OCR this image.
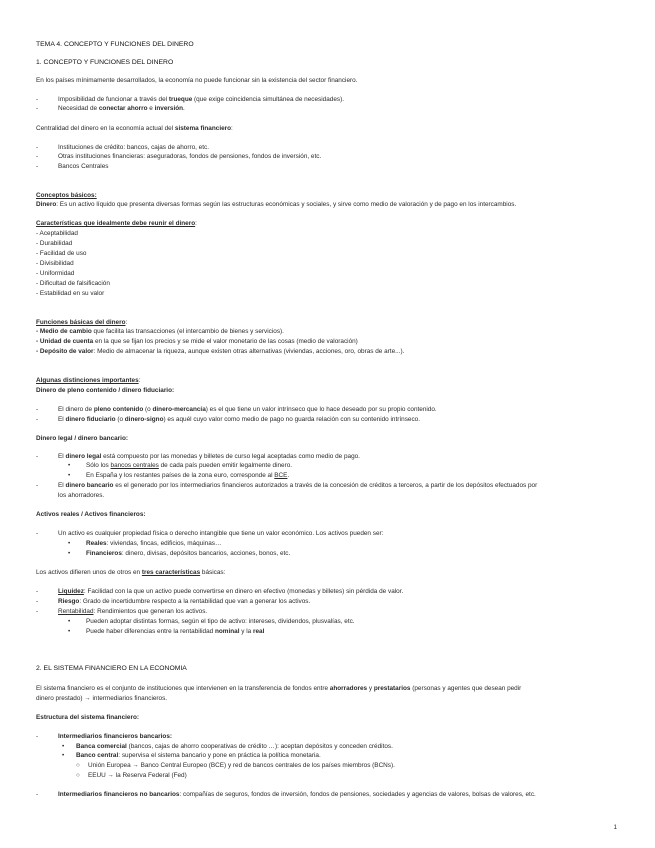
TEMA 4. CONCEPTO Y FUNCIONES DEL DINERO
1. CONCEPTO Y FUNCIONES DEL DINERO
En los países mínimamente desarrollados, la economía no puede funcionar sin la existencia del sector financiero.
-	Imposibilidad de funcionar a través del trueque (que exige coincidencia simultánea de necesidades).
-	Necesidad de conectar ahorro e inversión.
Centralidad del dinero en la economía actual del sistema financiero:
-	Instituciones de crédito: bancos, cajas de ahorro, etc.
-	Otras instituciones financieras: aseguradoras, fondos de pensiones, fondos de inversión, etc.
-	Bancos Centrales
Conceptos básicos:
Dinero: Es un activo líquido que presenta diversas formas según las estructuras económicas y sociales, y sirve como medio de valoración y de pago en los intercambios.
Características que idealmente debe reunir el dinero:
- Aceptabilidad
- Durabilidad
- Facilidad de uso
- Divisibilidad
- Uniformidad
- Dificultad de falsificación
- Estabilidad en su valor
Funciones básicas del dinero:
- Medio de cambio que facilita las transacciones (el intercambio de bienes y servicios).
- Unidad de cuenta en la que se fijan los precios y se mide el valor monetario de las cosas (medio de valoración)
- Depósito de valor: Medio de almacenar la riqueza, aunque existen otras alternativas (viviendas, acciones, oro, obras de arte...).
Algunas distinciones importantes:
Dinero de pleno contenido / dinero fiduciario:
-	El dinero de pleno contenido (o dinero-mercancía) es el que tiene un valor intrínseco que lo hace deseado por su propio contenido.
-	El dinero fiduciario (o dinero-signo) es aquél cuyo valor como medio de pago no guarda relación con su contenido intrínseco.
Dinero legal / dinero bancario:
-	El dinero legal está compuesto por las monedas y billetes de curso legal aceptadas como medio de pago.
• Sólo los bancos centrales de cada país pueden emitir legalmente dinero.
• En España y los restantes países de la zona euro, corresponde al BCE.
-	El dinero bancario es el generado por los intermediarios financieros autorizados a través de la concesión de créditos a terceros, a partir de los depósitos efectuados por
los ahorradores.
Activos reales / Activos financieros:
-	Un activo es cualquier propiedad física o derecho intangible que tiene un valor económico. Los activos pueden ser:
• Reales: viviendas, fincas, edificios, máquinas…
• Financieros: dinero, divisas, depósitos bancarios, acciones, bonos, etc.
Los activos difieren unos de otros en tres características básicas:
-	Liquidez: Facilidad con la que un activo puede convertirse en dinero en efectivo (monedas y billetes) sin pérdida de valor.
-	Riesgo: Grado de incertidumbre respecto a la rentabilidad que van a generar los activos.
-	Rentabilidad: Rendimientos que generan los activos.
• Pueden adoptar distintas formas, según el tipo de activo: intereses, dividendos, plusvalías, etc.
• Puede haber diferencias entre la rentabilidad nominal y la real
2. EL SISTEMA FINANCIERO EN LA ECONOMIA
El sistema financiero es el conjunto de instituciones que intervienen en la transferencia de fondos entre ahorradores y prestatarios (personas y agentes que desean pedir
dinero prestado) → intermediarios financieros.
Estructura del sistema financiero:
-	Intermediarios financieros bancarios:
• Banca comercial (bancos, cajas de ahorro cooperativas de crédito …): aceptan depósitos y conceden créditos.
• Banco central: supervisa el sistema bancario y pone en práctica la política monetaria.
○ Unión Europea → Banco Central Europeo (BCE) y red de bancos centrales de los países miembros (BCNs).
○ EEUU → la Reserva Federal (Fed)
-	Intermediarios financieros no bancarios: compañías de seguros, fondos de inversión, fondos de pensiones, sociedades y agencias de valores, bolsas de valores, etc.
1
